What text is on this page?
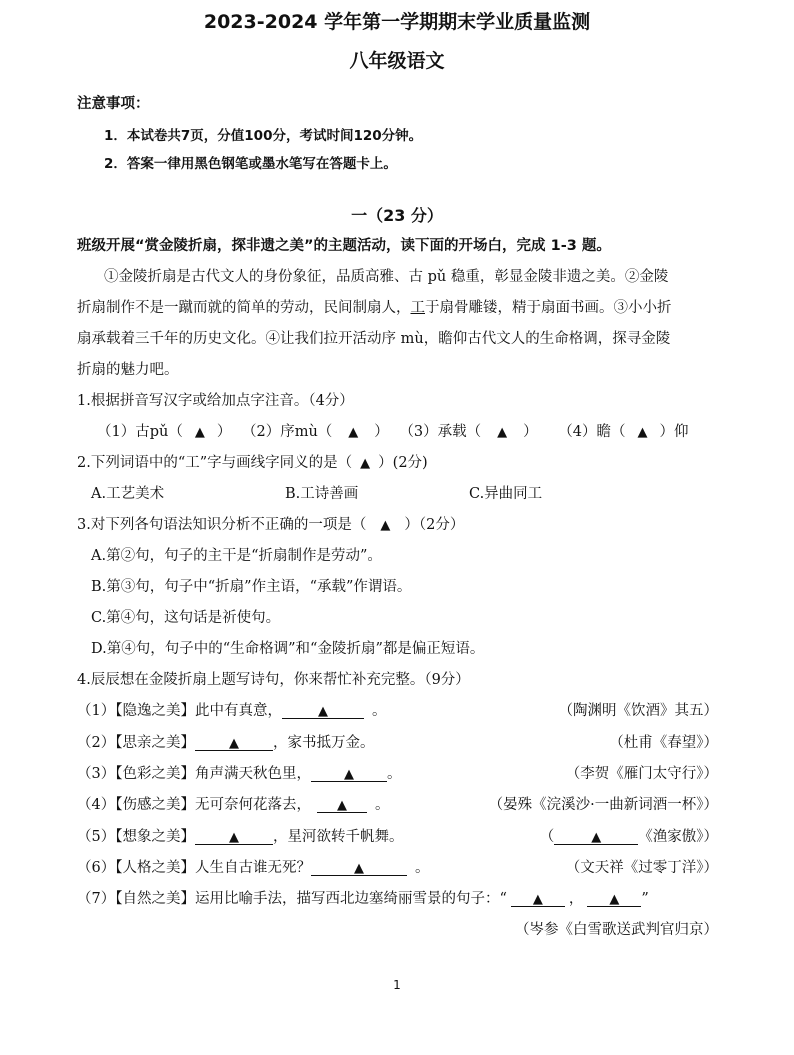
2023-2024 学年第一学期期末学业质量监测
八年级语文
注意事项：
1．本试卷共7页，分值100分，考试时间120分钟。
2．答案一律用黑色钢笔或墨水笔写在答题卡上。
一（23 分）
班级开展“赏金陵折扇，探非遗之美”的主题活动，读下面的开场白，完成 1-3 题。
①金陵折扇是古代文人的身份象征，品质高雅、古 pǔ 稳重，彰显金陵非遗之美。②金陵
折扇制作不是一蹴而就的简单的劳动，民间制扇人，工于扇骨雕镂，精于扇面书画。③小小折
扇承载着三千年的历史文化。④让我们拉开活动序 mù，瞻仰古代文人的生命格调，探寻金陵
折扇的魅力吧。
1.根据拼音写汉字或给加点字注音。（4分）
（1）古pǔ（ ▲ ） （2）序mù（ ▲ ） （3）承载（ ▲ ） （4）瞻（ ▲ ）仰
2.下列词语中的“工”字与画线字同义的是（ ▲ ）(2分)
A.工艺美术	B.工诗善画	C.异曲同工
3.对下列各句语法知识分析不正确的一项是（ ▲ ）（2分）
A.第②句，句子的主干是“折扇制作是劳动”。
B.第③句，句子中“折扇”作主语，“承载”作谓语。
C.第④句，这句话是祈使句。
D.第④句，句子中的“生命格调”和“金陵折扇”都是偏正短语。
4.辰辰想在金陵折扇上题写诗句，你来帮忙补充完整。（9分）
（1）【隐逸之美】此中有真意，	▲	。	（陶渊明《饮酒》其五）
（2）【思亲之美】	▲ ，家书抵万金。	（杜甫《春望》）
（3）【色彩之美】角声满天秋色里，	▲ 。	（李贺《雁门太守行》）
（4）【伤感之美】无可奈何花落去， ▲ 。	（晏殊《浣溪沙·一曲新词酒一杯》）
（5）【想象之美】	▲ ，星河欲转千帆舞。	（	▲	《渔家傲》）
（6）【人格之美】人生自古谁无死？	▲	。	（文天祥《过零丁洋》）
（7）【自然之美】运用比喻手法，描写西北边塞绮丽雪景的句子：“ ▲ ， ▲ ”
（岑参《白雪歌送武判官归京）
1
